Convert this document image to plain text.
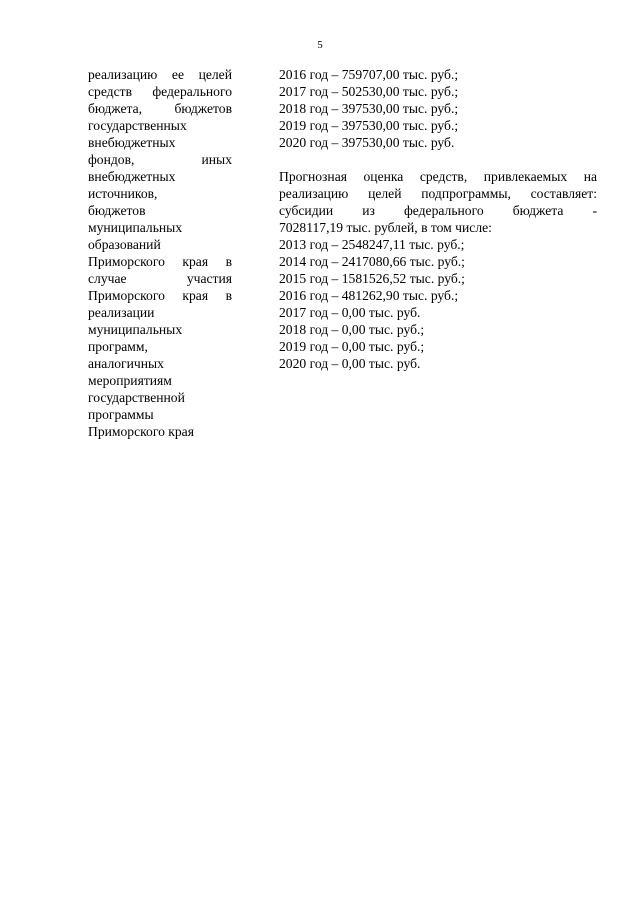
5
реализацию ее целей
средств федерального
бюджета, бюджетов
государственных
внебюджетных
фондов, иных
внебюджетных
источников,
бюджетов
муниципальных
образований
Приморского края в
случае участия
Приморского края в
реализации
муниципальных
программ,
аналогичных
мероприятиям
государственной
программы
Приморского края
2016 год – 759707,00 тыс. руб.;
2017 год – 502530,00 тыс. руб.;
2018 год – 397530,00 тыс. руб.;
2019 год – 397530,00 тыс. руб.;
2020 год – 397530,00 тыс. руб.
Прогнозная оценка средств, привлекаемых на
реализацию целей подпрограммы, составляет:
субсидии из федерального бюджета -
7028117,19 тыс. рублей, в том числе:
2013 год – 2548247,11 тыс. руб.;
2014 год – 2417080,66 тыс. руб.;
2015 год – 1581526,52 тыс. руб.;
2016 год – 481262,90 тыс. руб.;
2017 год – 0,00 тыс. руб.
2018 год – 0,00 тыс. руб.;
2019 год – 0,00 тыс. руб.;
2020 год – 0,00 тыс. руб.
